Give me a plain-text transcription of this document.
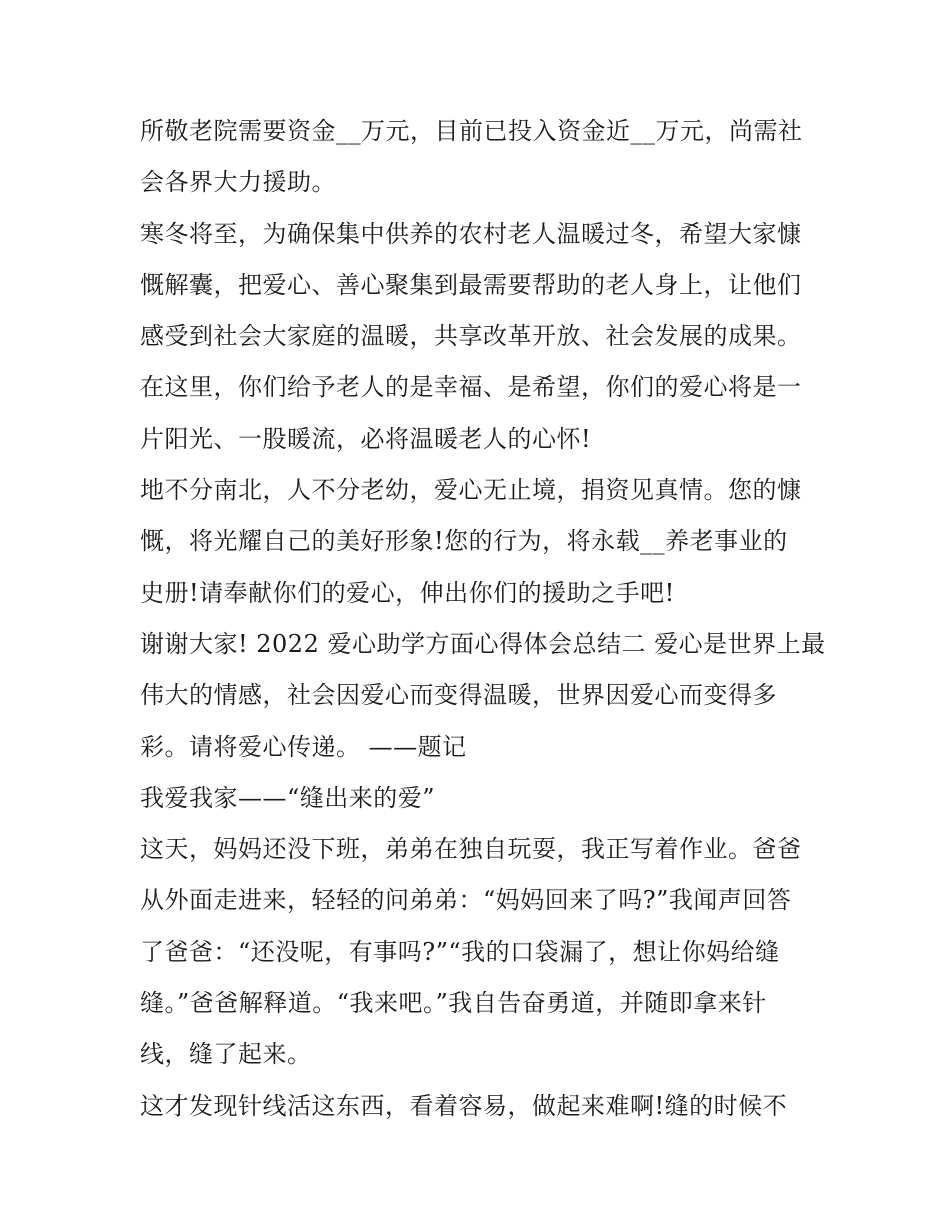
所敬老院需要资金__万元，目前已投入资金近__万元，尚需社
会各界大力援助。
寒冬将至，为确保集中供养的农村老人温暖过冬，希望大家慷
慨解囊，把爱心、善心聚集到最需要帮助的老人身上，让他们
感受到社会大家庭的温暖，共享改革开放、社会发展的成果。
在这里，你们给予老人的是幸福、是希望，你们的爱心将是一
片阳光、一股暖流，必将温暖老人的心怀!
地不分南北，人不分老幼，爱心无止境，捐资见真情。您的慷
慨，将光耀自己的美好形象!您的行为，将永载__养老事业的
史册!请奉献你们的爱心，伸出你们的援助之手吧!
谢谢大家! 2022 爱心助学方面心得体会总结二 爱心是世界上最
伟大的情感，社会因爱心而变得温暖，世界因爱心而变得多
彩。请将爱心传递。 ——题记
我爱我家——“缝出来的爱”
这天，妈妈还没下班，弟弟在独自玩耍，我正写着作业。爸爸
从外面走进来，轻轻的问弟弟：“妈妈回来了吗?”我闻声回答
了爸爸：“还没呢，有事吗?”“我的口袋漏了，想让你妈给缝
缝。”爸爸解释道。“我来吧。”我自告奋勇道，并随即拿来针
线，缝了起来。
这才发现针线活这东西，看着容易，做起来难啊!缝的时候不
